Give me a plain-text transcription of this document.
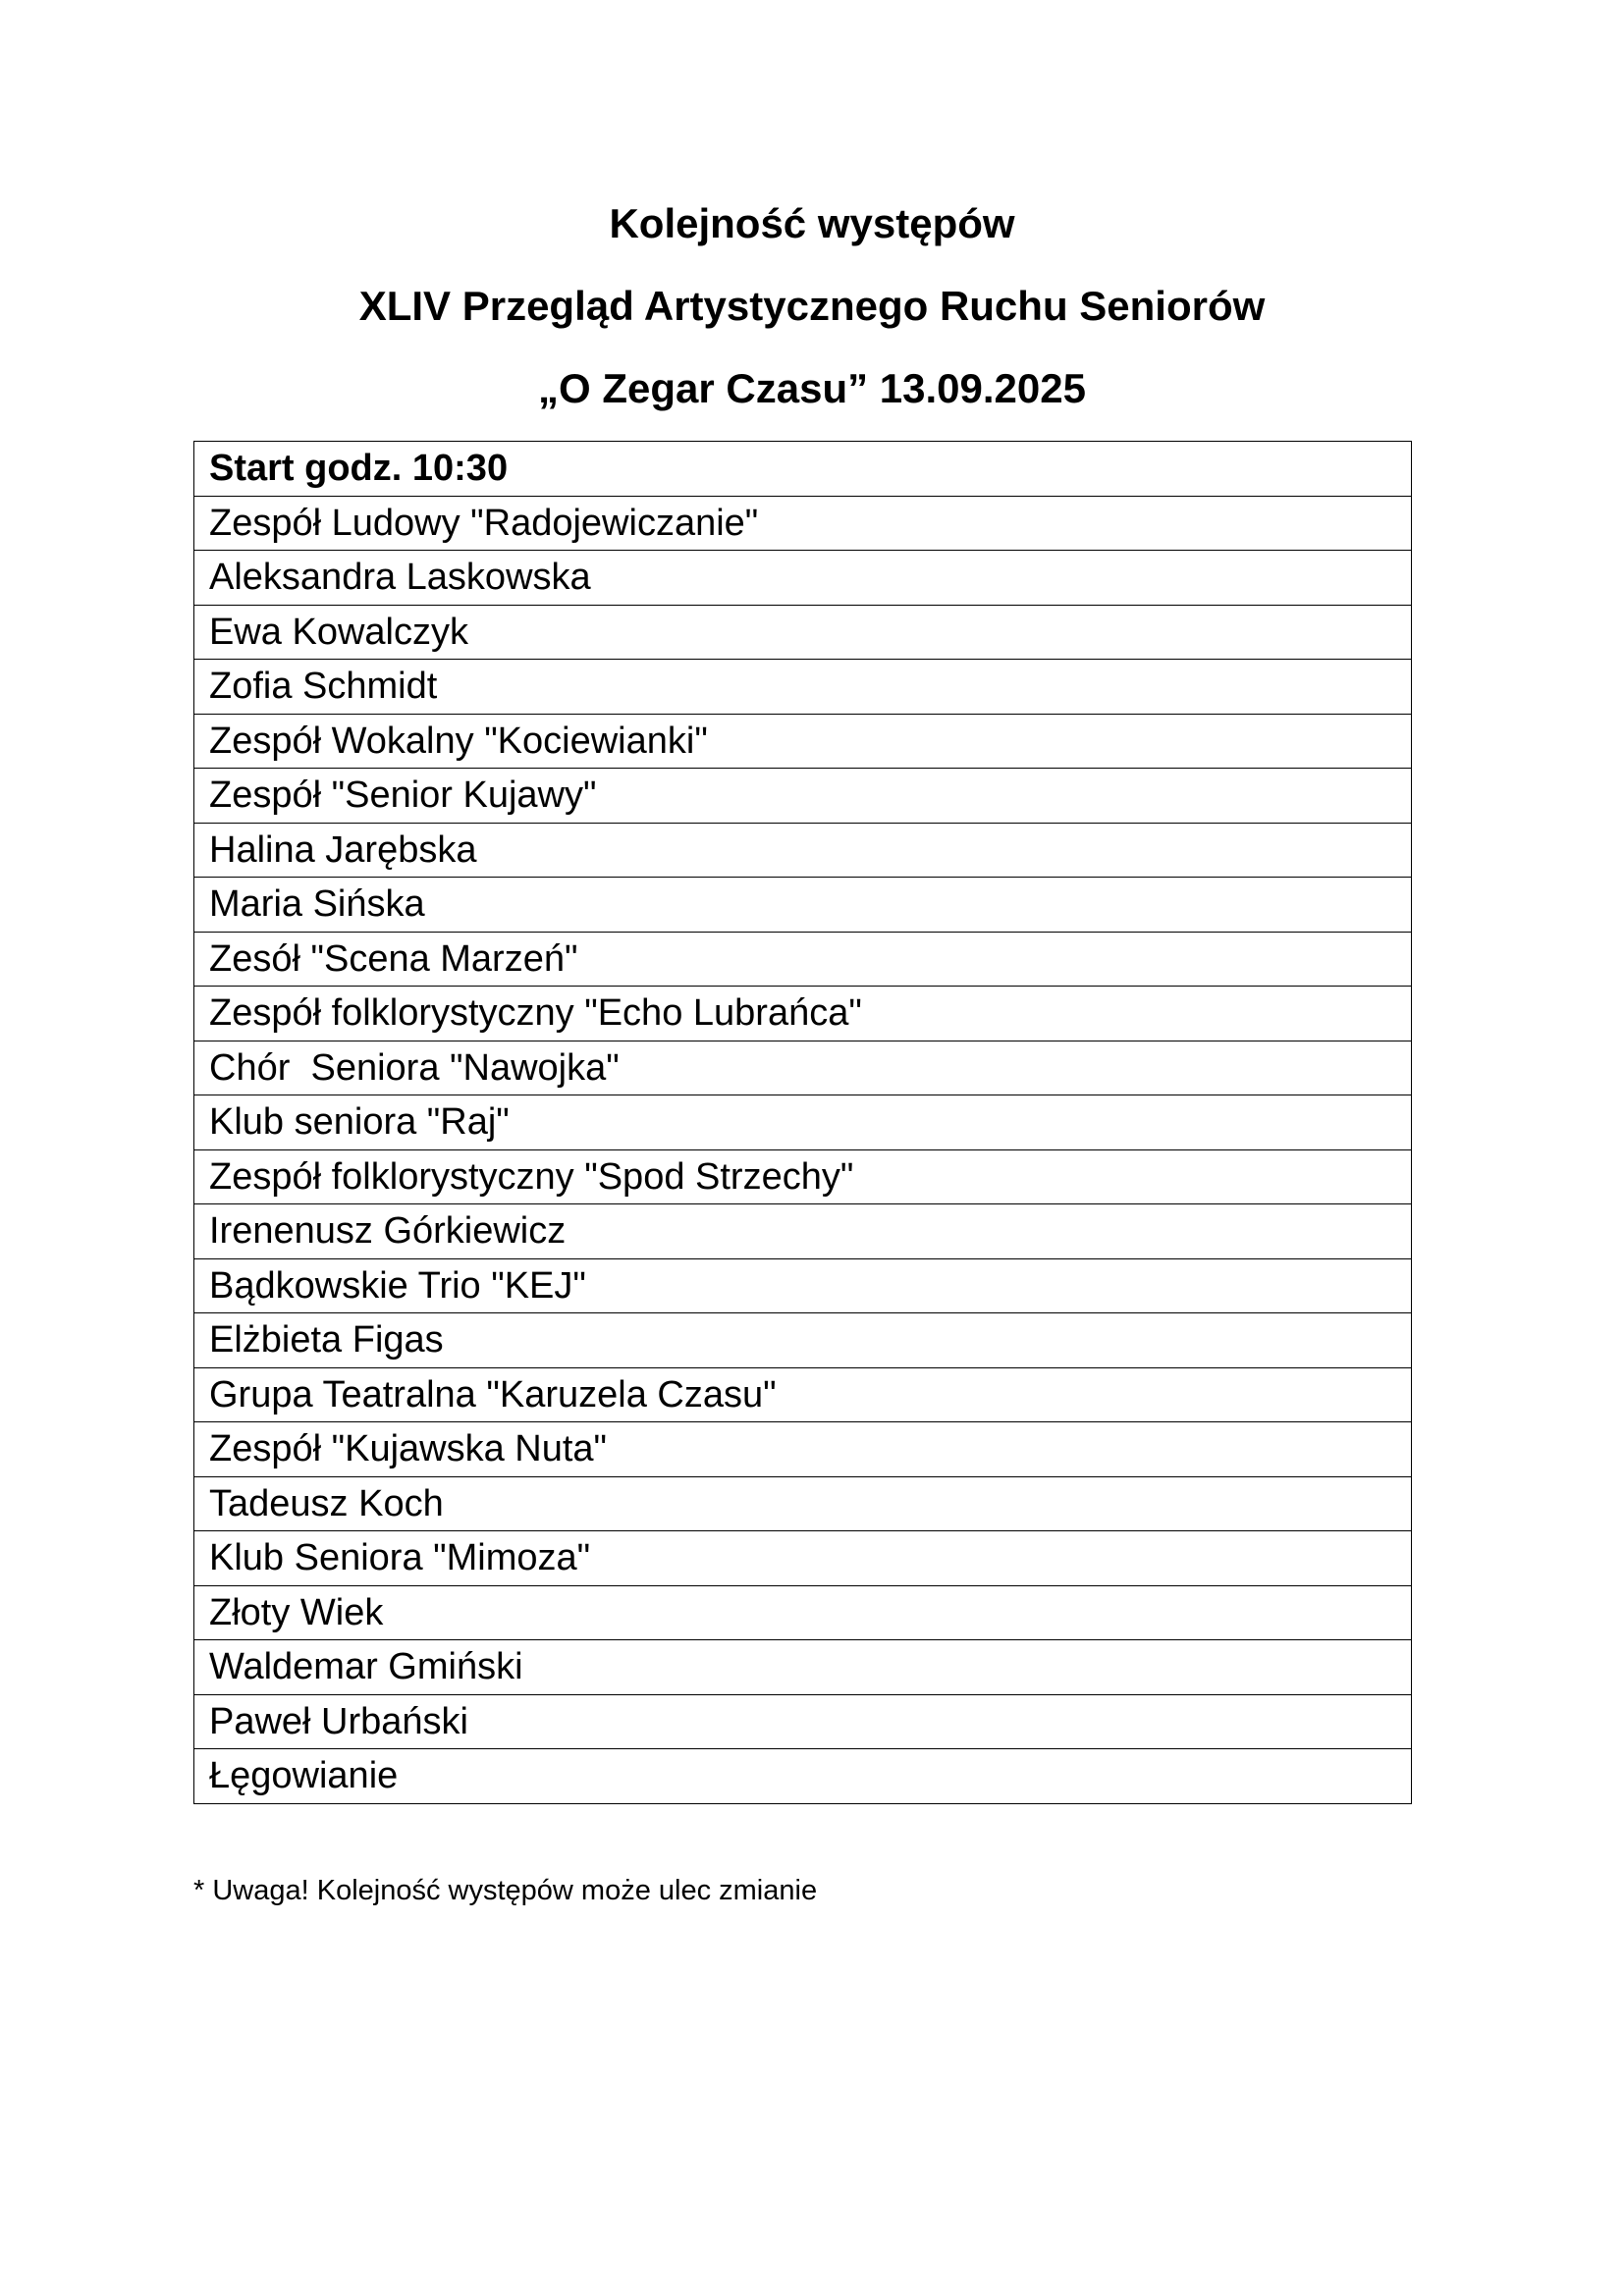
Kolejność występów
XLIV Przegląd Artystycznego Ruchu Seniorów
„O Zegar Czasu” 13.09.2025
Start godz. 10:30
Zespół Ludowy "Radojewiczanie"
Aleksandra Laskowska
Ewa Kowalczyk
Zofia Schmidt
Zespół Wokalny "Kociewianki"
Zespół "Senior Kujawy"
Halina Jarębska
Maria Sińska
Zesół "Scena Marzeń"
Zespół folklorystyczny "Echo Lubrańca"
Chór  Seniora "Nawojka"
Klub seniora "Raj"
Zespół folklorystyczny "Spod Strzechy"
Irenenusz Górkiewicz
Bądkowskie Trio "KEJ"
Elżbieta Figas
Grupa Teatralna "Karuzela Czasu"
Zespół "Kujawska Nuta"
Tadeusz Koch
Klub Seniora "Mimoza"
Złoty Wiek
Waldemar Gmiński
Paweł Urbański
Łęgowianie
* Uwaga! Kolejność występów może ulec zmianie
